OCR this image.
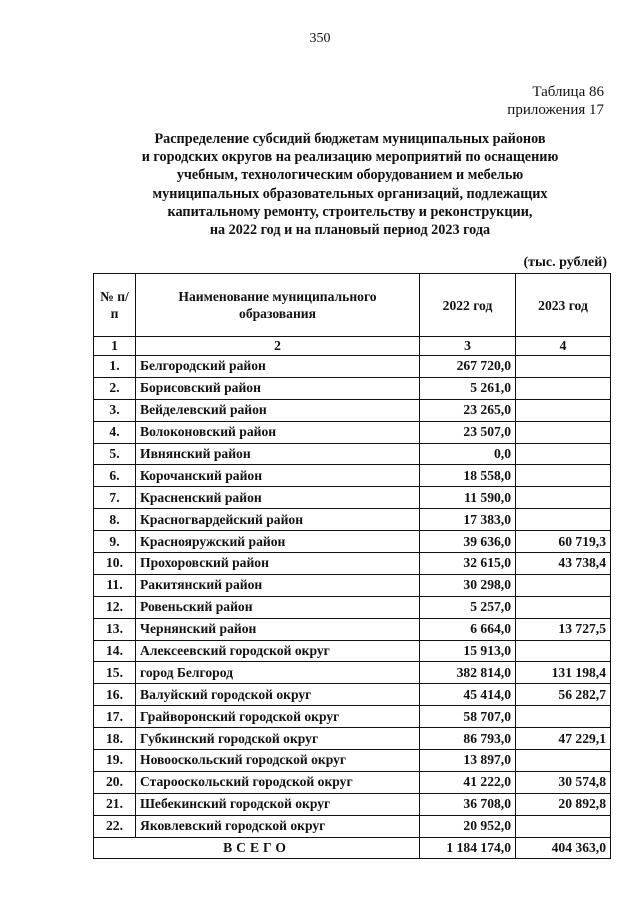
350
Таблица 86
приложения 17
Распределение субсидий бюджетам муниципальных районов
и городских округов на реализацию мероприятий по оснащению
учебным, технологическим оборудованием и мебелью
муниципальных образовательных организаций, подлежащих
капитальному ремонту, строительству и реконструкции,
на 2022 год и на плановый период 2023 года
(тыс. рублей)
№ п/п	Наименование муниципального образования	2022 год	2023 год
1	2	3	4
1.	Белгородский район	267 720,0	
2.	Борисовский район	5 261,0	
3.	Вейделевский район	23 265,0	
4.	Волоконовский район	23 507,0	
5.	Ивнянский район	0,0	
6.	Корочанский район	18 558,0	
7.	Красненский район	11 590,0	
8.	Красногвардейский район	17 383,0	
9.	Краснояружский район	39 636,0	60 719,3
10.	Прохоровский район	32 615,0	43 738,4
11.	Ракитянский район	30 298,0	
12.	Ровеньский район	5 257,0	
13.	Чернянский район	6 664,0	13 727,5
14.	Алексеевский городской округ	15 913,0	
15.	город Белгород	382 814,0	131 198,4
16.	Валуйский городской округ	45 414,0	56 282,7
17.	Грайворонский городской округ	58 707,0	
18.	Губкинский городской округ	86 793,0	47 229,1
19.	Новооскольский городской округ	13 897,0	
20.	Старооскольский городской округ	41 222,0	30 574,8
21.	Шебекинский городской округ	36 708,0	20 892,8
22.	Яковлевский городской округ	20 952,0	
ВСЕГО		1 184 174,0	404 363,0
